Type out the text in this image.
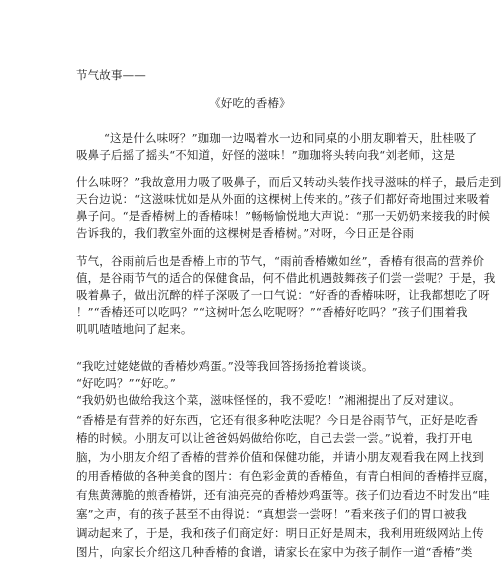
节气故事——
《好吃的香椿》
“这是什么味呀？”珈珈一边喝着水一边和同桌的小朋友聊着天，肚桂吸了
吸鼻子后摇了摇头“不知道，好怪的滋味！”珈珈将头转向我“刘老师，这是
什么味呀？”我故意用力吸了吸鼻子，而后又转动头装作找寻滋味的样子，最后走到
天台边说：“这滋味忧如是从外面的这棵树上传来的。”孩子们都好奇地围过来吸着
鼻子问。“是香椿树上的香椿味！”畅畅愉悦地大声说：“那一天奶奶来接我的时候
告诉我的，我们教室外面的这棵树是香椿树。”对呀，今日正是谷雨
节气，谷雨前后也是香椿上市的节气，“雨前香椿嫩如丝”，香椿有很高的营养价
值，是谷雨节气的适合的保健食品，何不借此机遇鼓舞孩子们尝一尝呢？于是，我
吸着鼻子，做出沉醉的样子深吸了一口气说：“好香的香椿味呀，让我都想吃了呀
！”“香椿还可以吃吗？”“这树叶怎么吃呢呀？”“香椿好吃吗？”孩子们围着我
叽叽喳喳地问了起来。
“我吃过姥姥做的香椿炒鸡蛋。”没等我回答扬扬抢着谈谈。
“好吃吗？”“好吃。”
“我奶奶也做给我这个菜，滋味怪怪的，我不爱吃！”湘湘提出了反对建议。
“香椿是有营养的好东西，它还有很多种吃法呢？今日是谷雨节气，正好是吃香
椿的时候。小朋友可以让爸爸妈妈做给你吃，自己去尝一尝。”说着，我打开电
脑，为小朋友介绍了香椿的营养价值和保健功能，并请小朋友观看我在网上找到
的用香椿做的各种美食的图片：有色彩金黄的香椿鱼，有青白相间的香椿拌豆腐，
有焦黄薄脆的煎香椿饼，还有油亮亮的香椿炒鸡蛋等。孩子们边看边不时发出“哇
塞”之声，有的孩子甚至不由得说：“真想尝一尝呀！”看来孩子们的胃口被我
调动起来了，于是，我和孩子们商定好：明日正好是周末，我利用班级网站上传
图片，向家长介绍这几种香椿的食谱，请家长在家中为孩子制作一道“香椿”类
